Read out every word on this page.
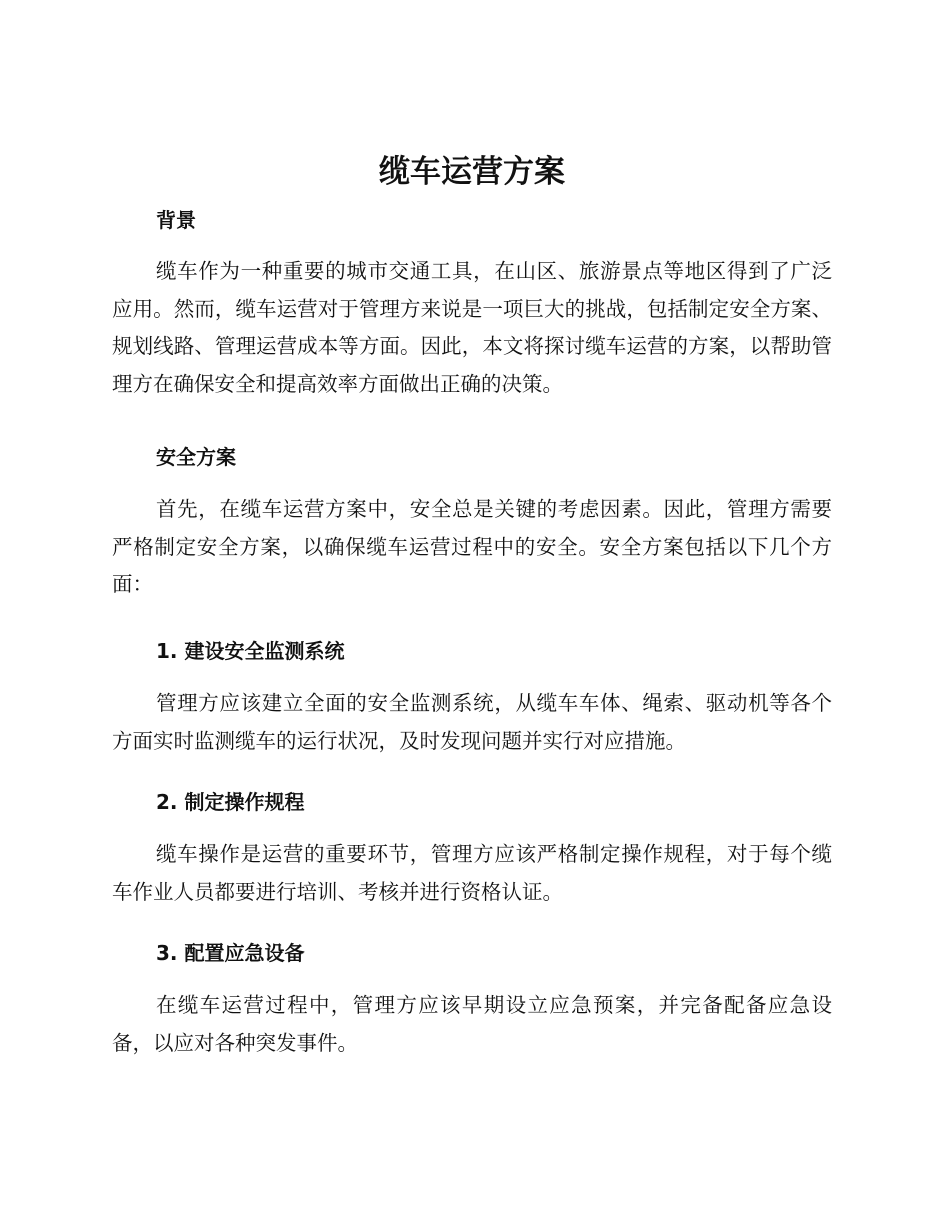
缆车运营方案
背景

缆车作为一种重要的城市交通工具，在山区、旅游景点等地区得到了广泛应用。然而，缆车运营对于管理方来说是一项巨大的挑战，包括制定安全方案、规划线路、管理运营成本等方面。因此，本文将探讨缆车运营的方案，以帮助管理方在确保安全和提高效率方面做出正确的决策。

安全方案

首先，在缆车运营方案中，安全总是关键的考虑因素。因此，管理方需要严格制定安全方案，以确保缆车运营过程中的安全。安全方案包括以下几个方面：

1. 建设安全监测系统

管理方应该建立全面的安全监测系统，从缆车车体、绳索、驱动机等各个方面实时监测缆车的运行状况，及时发现问题并实行对应措施。

2. 制定操作规程

缆车操作是运营的重要环节，管理方应该严格制定操作规程，对于每个缆车作业人员都要进行培训、考核并进行资格认证。

3. 配置应急设备

在缆车运营过程中，管理方应该早期设立应急预案，并完备配备应急设备，以应对各种突发事件。
